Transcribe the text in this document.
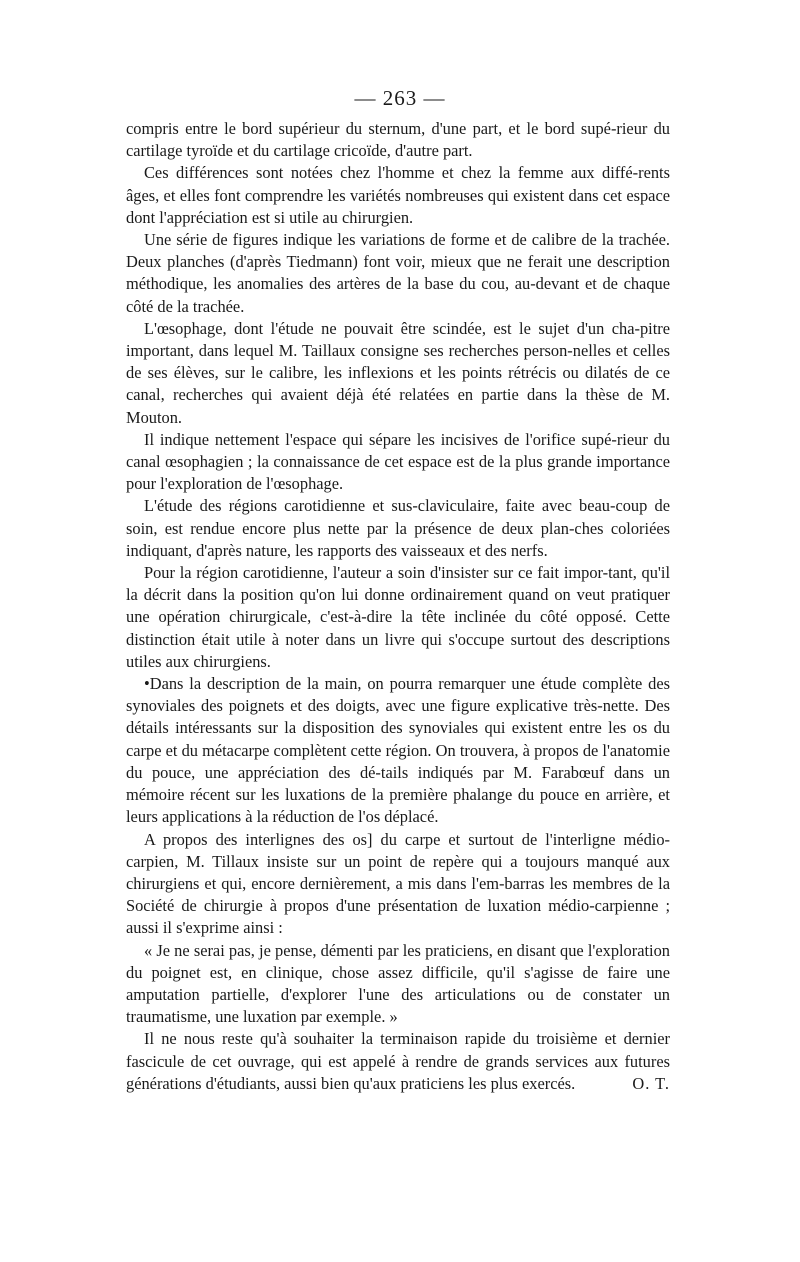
— 263 —

compris entre le bord supérieur du sternum, d'une part, et le bord supé-rieur du cartilage tyroïde et du cartilage cricoïde, d'autre part.

Ces différences sont notées chez l'homme et chez la femme aux diffé-rents âges, et elles font comprendre les variétés nombreuses qui existent dans cet espace dont l'appréciation est si utile au chirurgien.

Une série de figures indique les variations de forme et de calibre de la trachée. Deux planches (d'après Tiedmann) font voir, mieux que ne ferait une description méthodique, les anomalies des artères de la base du cou, au-devant et de chaque côté de la trachée.

L'œsophage, dont l'étude ne pouvait être scindée, est le sujet d'un cha-pitre important, dans lequel M. Taillaux consigne ses recherches person-nelles et celles de ses élèves, sur le calibre, les inflexions et les points rétrécis ou dilatés de ce canal, recherches qui avaient déjà été relatées en partie dans la thèse de M. Mouton.

Il indique nettement l'espace qui sépare les incisives de l'orifice supé-rieur du canal œsophagien ; la connaissance de cet espace est de la plus grande importance pour l'exploration de l'œsophage.

L'étude des régions carotidienne et sus-claviculaire, faite avec beau-coup de soin, est rendue encore plus nette par la présence de deux plan-ches coloriées indiquant, d'après nature, les rapports des vaisseaux et des nerfs.

Pour la région carotidienne, l'auteur a soin d'insister sur ce fait impor-tant, qu'il la décrit dans la position qu'on lui donne ordinairement quand on veut pratiquer une opération chirurgicale, c'est-à-dire la tête inclinée du côté opposé. Cette distinction était utile à noter dans un livre qui s'occupe surtout des descriptions utiles aux chirurgiens.

•Dans la description de la main, on pourra remarquer une étude complète des synoviales des poignets et des doigts, avec une figure explicative très-nette. Des détails intéressants sur la disposition des synoviales qui existent entre les os du carpe et du métacarpe complètent cette région. On trouvera, à propos de l'anatomie du pouce, une appréciation des dé-tails indiqués par M. Farabœuf dans un mémoire récent sur les luxations de la première phalange du pouce en arrière, et leurs applications à la réduction de l'os déplacé.

A propos des interlignes des os] du carpe et surtout de l'interligne médio-carpien, M. Tillaux insiste sur un point de repère qui a toujours manqué aux chirurgiens et qui, encore dernièrement, a mis dans l'em-barras les membres de la Société de chirurgie à propos d'une présentation de luxation médio-carpienne ; aussi il s'exprime ainsi :

« Je ne serai pas, je pense, démenti par les praticiens, en disant que l'exploration du poignet est, en clinique, chose assez difficile, qu'il s'agisse de faire une amputation partielle, d'explorer l'une des articulations ou de constater un traumatisme, une luxation par exemple. »

Il ne nous reste qu'à souhaiter la terminaison rapide du troisième et dernier fascicule de cet ouvrage, qui est appelé à rendre de grands services aux futures générations d'étudiants, aussi bien qu'aux praticiens les plus exercés.	O. T.
